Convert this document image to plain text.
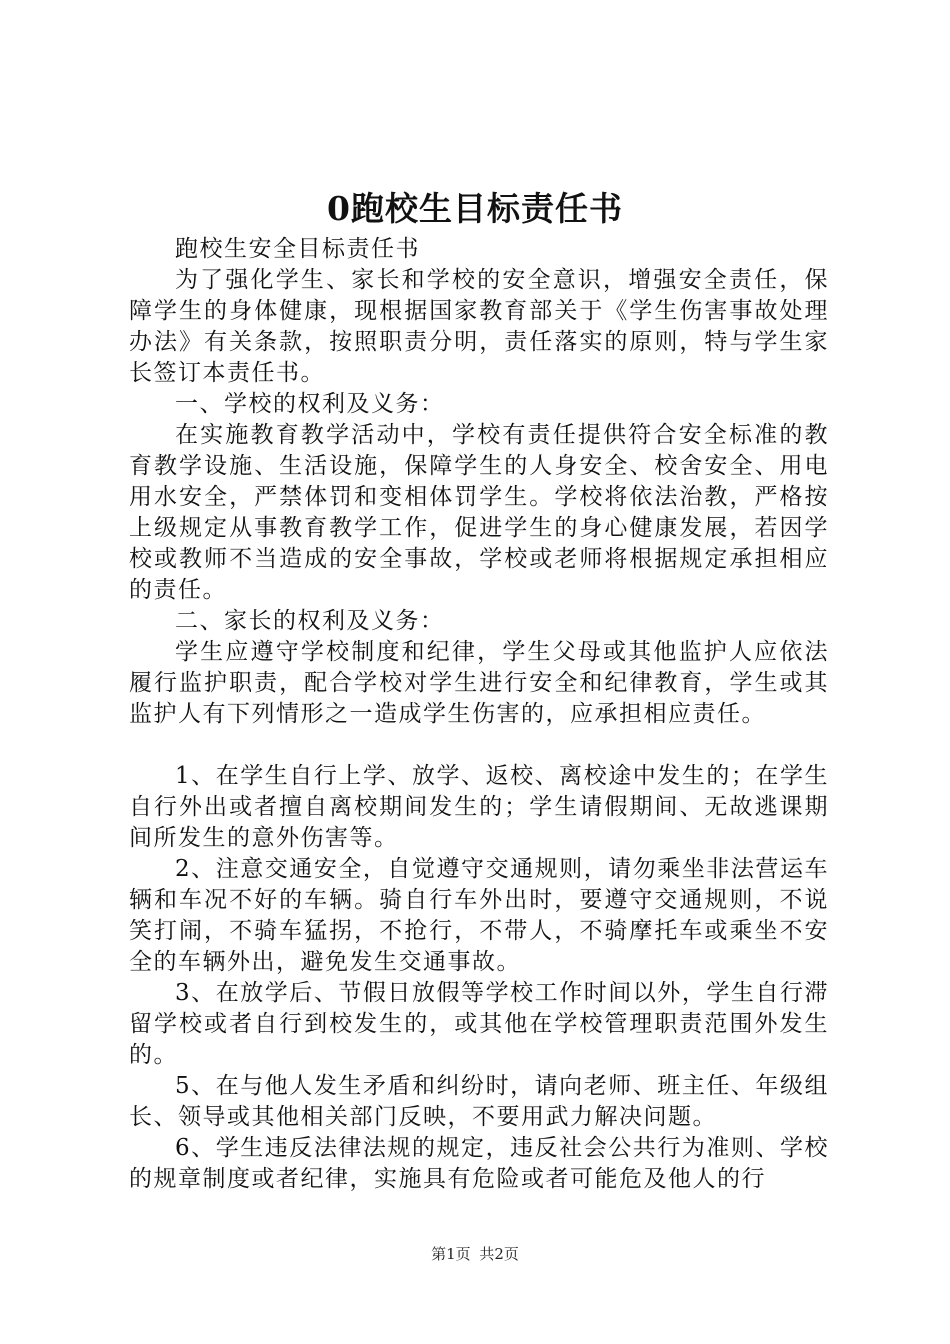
0跑校生目标责任书

跑校生安全目标责任书

为了强化学生、家长和学校的安全意识，增强安全责任，保障学生的身体健康，现根据国家教育部关于《学生伤害事故处理办法》有关条款，按照职责分明，责任落实的原则，特与学生家长签订本责任书。

一、学校的权利及义务：

在实施教育教学活动中，学校有责任提供符合安全标准的教育教学设施、生活设施，保障学生的人身安全、校舍安全、用电用水安全，严禁体罚和变相体罚学生。学校将依法治教，严格按上级规定从事教育教学工作，促进学生的身心健康发展，若因学校或教师不当造成的安全事故，学校或老师将根据规定承担相应的责任。

二、家长的权利及义务：

学生应遵守学校制度和纪律，学生父母或其他监护人应依法履行监护职责，配合学校对学生进行安全和纪律教育，学生或其监护人有下列情形之一造成学生伤害的，应承担相应责任。

1、在学生自行上学、放学、返校、离校途中发生的；在学生自行外出或者擅自离校期间发生的；学生请假期间、无故逃课期间所发生的意外伤害等。

2、注意交通安全，自觉遵守交通规则，请勿乘坐非法营运车辆和车况不好的车辆。骑自行车外出时，要遵守交通规则，不说笑打闹，不骑车猛拐，不抢行，不带人，不骑摩托车或乘坐不安全的车辆外出，避免发生交通事故。

3、在放学后、节假日放假等学校工作时间以外，学生自行滞留学校或者自行到校发生的，或其他在学校管理职责范围外发生的。

5、在与他人发生矛盾和纠纷时，请向老师、班主任、年级组长、领导或其他相关部门反映，不要用武力解决问题。

6、学生违反法律法规的规定，违反社会公共行为准则、学校的规章制度或者纪律，实施具有危险或者可能危及他人的行

第1页 共2页
